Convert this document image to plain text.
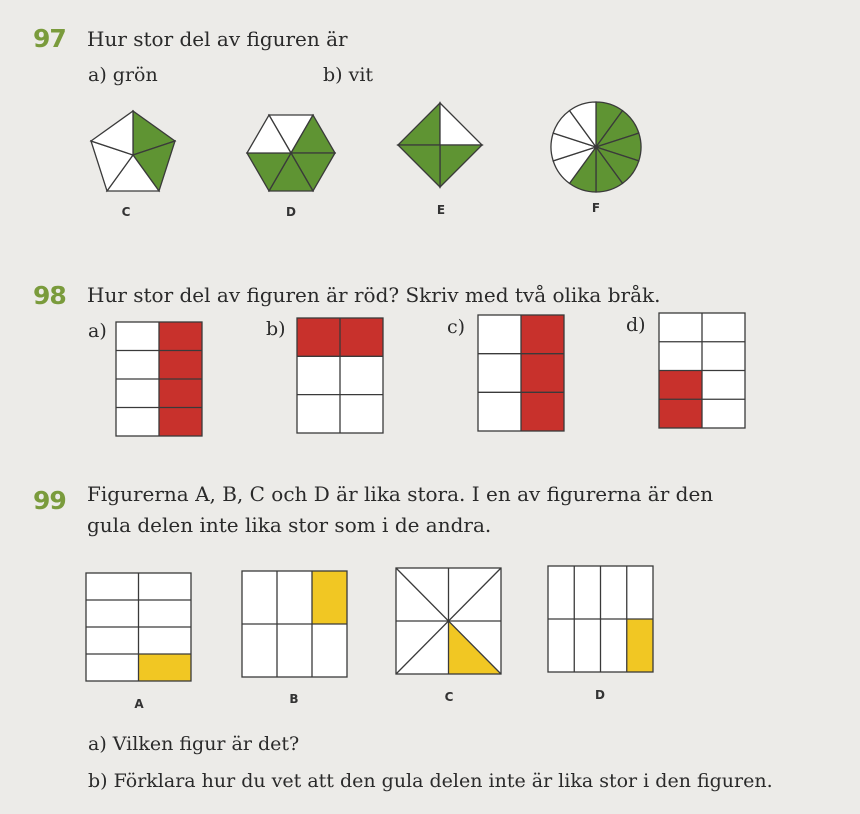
97 Hur stor del av figuren är
a) grön	b) vit
C	D	E	F
98 Hur stor del av figuren är röd? Skriv med två olika bråk.
a)	b)	c)	d)
99 Figurerna A, B, C och D är lika stora. I en av figurerna är den
gula delen inte lika stor som i de andra.
A	B	C	D
a) Vilken figur är det?
b) Förklara hur du vet att den gula delen inte är lika stor i den figuren.
